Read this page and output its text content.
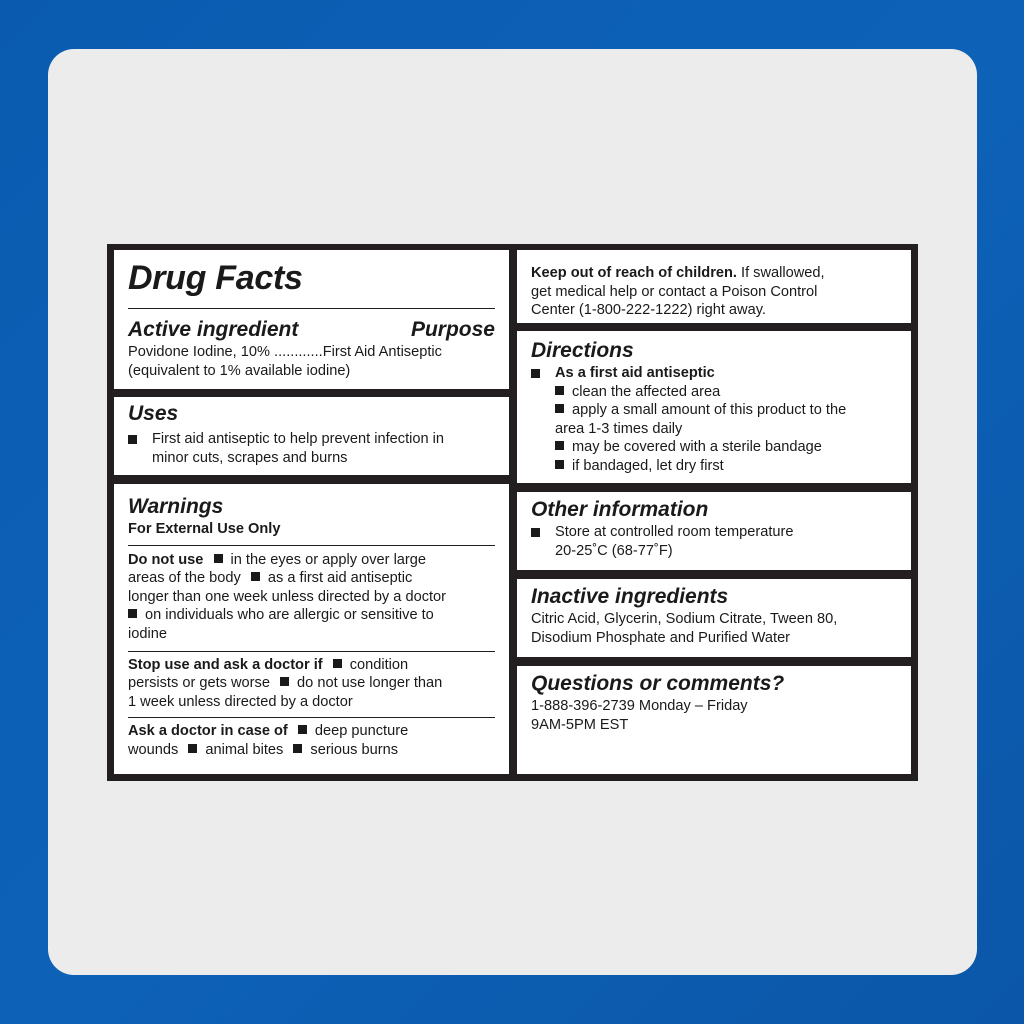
Drug Facts

Active ingredient	Purpose

Povidone Iodine, 10% ............First Aid Antiseptic

(equivalent to 1% available iodine)

Uses

First aid antiseptic to help prevent infection in
minor cuts, scrapes and burns

Warnings

For External Use Only

Do not use in the eyes or apply over large
areas of the body as a first aid antiseptic
longer than one week unless directed by a doctor
on individuals who are allergic or sensitive to
iodine
Stop use and ask a doctor if condition
persists or gets worse do not use longer than
1 week unless directed by a doctor
Ask a doctor in case of deep puncture
wounds animal bites serious burns
Keep out of reach of children. If swallowed,
get medical help or contact a Poison Control
Center (1-800-222-1222) right away.

Directions

As a first aid antiseptic
clean the affected area
apply a small amount of this product to the
area 1-3 times daily
may be covered with a sterile bandage
if bandaged, let dry first

Other information

Store at controlled room temperature
20-25˚C (68-77˚F)

Inactive ingredients

Citric Acid, Glycerin, Sodium Citrate, Tween 80,

Disodium Phosphate and Purified Water

Questions or comments?

1-888-396-2739 Monday – Friday

9AM-5PM EST
